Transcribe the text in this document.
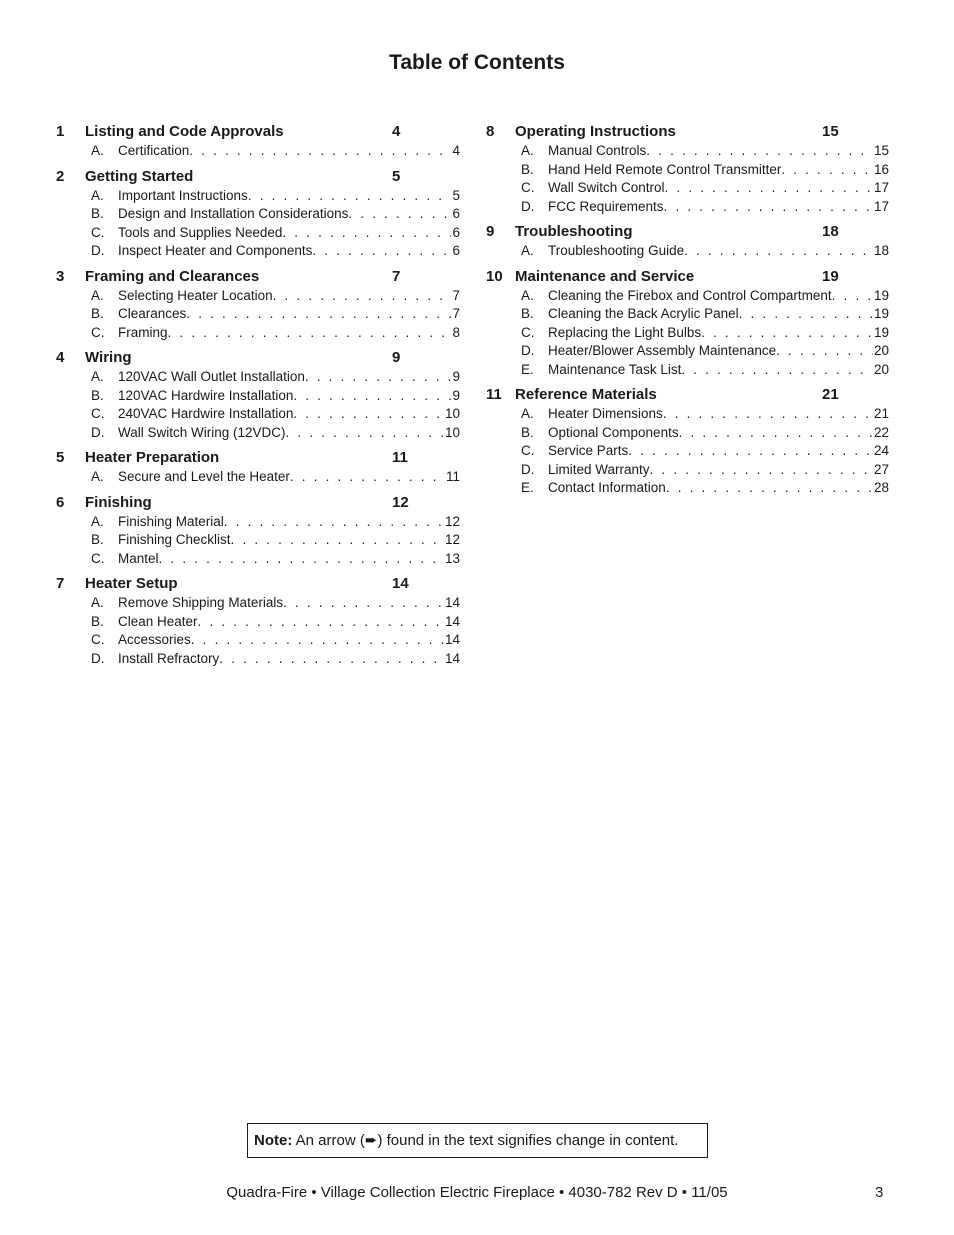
Table of Contents
1 Listing and Code Approvals	4
A. Certification . . .	4
2 Getting Started	5
A. Important Instructions . . .	5
B. Design and Installation Considerations . . .	6
C. Tools and Supplies Needed . . .	6
D. Inspect Heater and Components . . .	6
3 Framing and Clearances	7
A. Selecting Heater Location . . .	7
B. Clearances . . .	7
C. Framing . . .	8
4 Wiring	9
A. 120VAC Wall Outlet Installation . . .	9
B. 120VAC Hardwire Installation . . .	9
C. 240VAC Hardwire Installation . . .	10
D. Wall Switch Wiring (12VDC) . . .	10
5 Heater Preparation	11
A. Secure and Level the Heater . . .	11
6 Finishing	12
A. Finishing Material . . .	12
B. Finishing Checklist . . .	12
C. Mantel . . .	13
7 Heater Setup	14
A. Remove Shipping Materials . . .	14
B. Clean Heater . . .	14
C. Accessories . . .	14
D. Install Refractory . . .	14
8 Operating Instructions	15
A. Manual Controls . . .	15
B. Hand Held Remote Control Transmitter . . .	16
C. Wall Switch Control . . .	17
D. FCC Requirements . . .	17
9 Troubleshooting	18
A. Troubleshooting Guide . . .	18
10 Maintenance and Service	19
A. Cleaning the Firebox and Control Compartment . . .	19
B. Cleaning the Back Acrylic Panel . . .	19
C. Replacing the Light Bulbs . . .	19
D. Heater/Blower Assembly Maintenance . . .	20
E. Maintenance Task List . . .	20
11 Reference Materials	21
A. Heater Dimensions . . .	21
B. Optional Components . . .	22
C. Service Parts . . .	24
D. Limited Warranty . . .	27
E. Contact Information . . .	28
Note: An arrow (➨) found in the text signifies change in content.
Quadra-Fire • Village Collection Electric Fireplace • 4030-782 Rev D • 11/05	3
